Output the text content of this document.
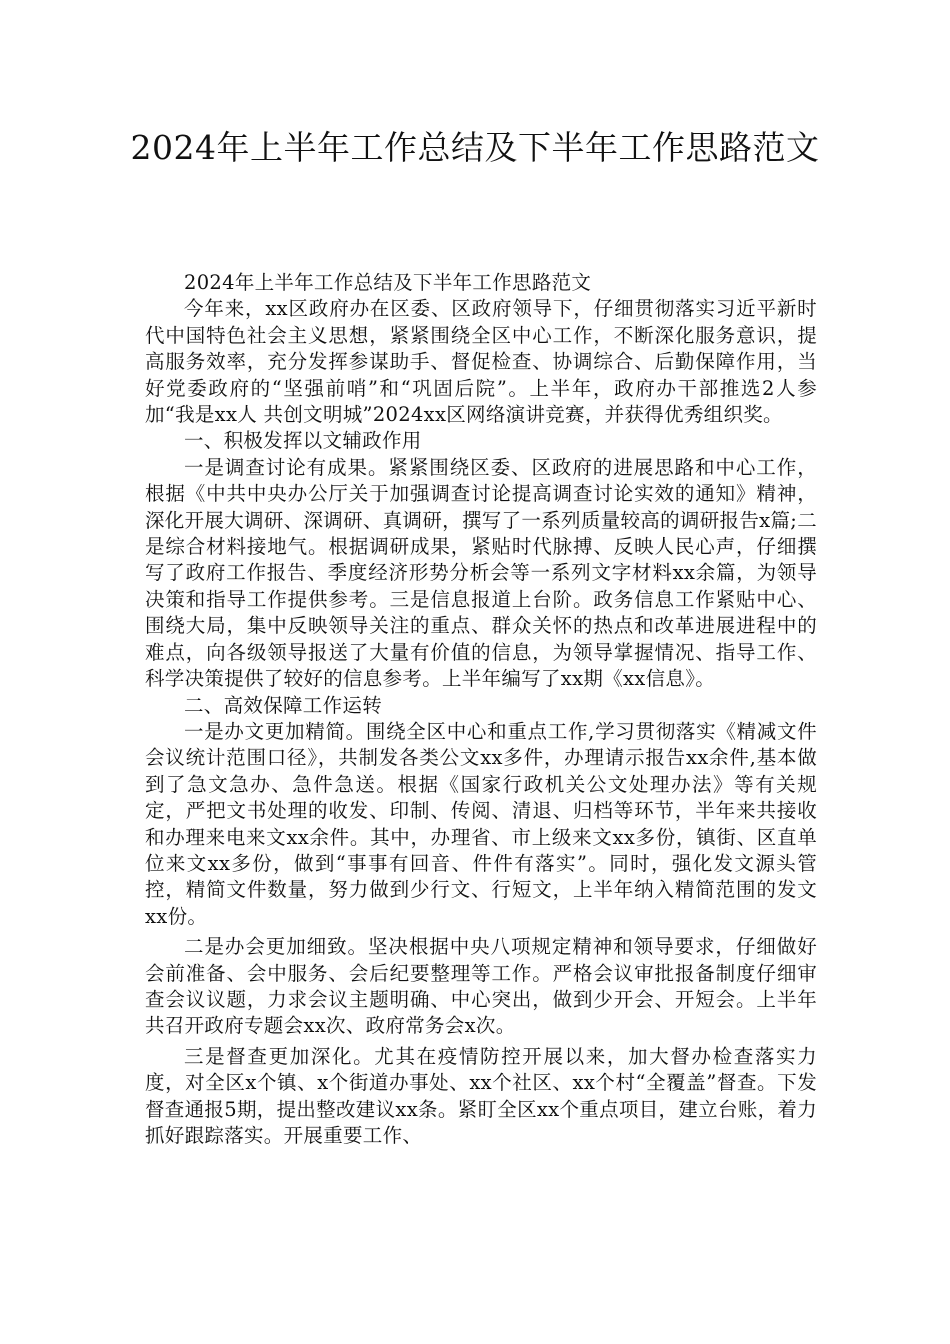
2024年上半年工作总结及下半年工作思路范文

2024年上半年工作总结及下半年工作思路范文

今年来，xx区政府办在区委、区政府领导下，仔细贯彻落实习近平新时代中国特色社会主义思想，紧紧围绕全区中心工作，不断深化服务意识，提高服务效率，充分发挥参谋助手、督促检查、协调综合、后勤保障作用，当好党委政府的“坚强前哨”和“巩固后院”。上半年，政府办干部推选2人参加“我是xx人 共创文明城”2024xx区网络演讲竞赛，并获得优秀组织奖。

一、积极发挥以文辅政作用

一是调查讨论有成果。紧紧围绕区委、区政府的进展思路和中心工作，根据《中共中央办公厅关于加强调查讨论提高调查讨论实效的通知》精神，深化开展大调研、深调研、真调研，撰写了一系列质量较高的调研报告x篇;二是综合材料接地气。根据调研成果，紧贴时代脉搏、反映人民心声，仔细撰写了政府工作报告、季度经济形势分析会等一系列文字材料xx余篇，为领导决策和指导工作提供参考。三是信息报道上台阶。政务信息工作紧贴中心、围绕大局，集中反映领导关注的重点、群众关怀的热点和改革进展进程中的难点，向各级领导报送了大量有价值的信息，为领导掌握情况、指导工作、科学决策提供了较好的信息参考。上半年编写了xx期《xx信息》。

二、高效保障工作运转

一是办文更加精简。围绕全区中心和重点工作,学习贯彻落实《精减文件会议统计范围口径》，共制发各类公文xx多件，办理请示报告xx余件,基本做到了急文急办、急件急送。根据《国家行政机关公文处理办法》等有关规定，严把文书处理的收发、印制、传阅、清退、归档等环节，半年来共接收和办理来电来文xx余件。其中，办理省、市上级来文xx多份，镇街、区直单位来文xx多份，做到“事事有回音、件件有落实”。同时，强化发文源头管控，精简文件数量，努力做到少行文、行短文，上半年纳入精简范围的发文xx份。

二是办会更加细致。坚决根据中央八项规定精神和领导要求，仔细做好会前准备、会中服务、会后纪要整理等工作。严格会议审批报备制度仔细审查会议议题，力求会议主题明确、中心突出，做到少开会、开短会。上半年共召开政府专题会xx次、政府常务会x次。

三是督查更加深化。尤其在疫情防控开展以来，加大督办检查落实力度，对全区x个镇、x个街道办事处、xx个社区、xx个村“全覆盖”督查。下发督查通报5期，提出整改建议xx条。紧盯全区xx个重点项目，建立台账，着力抓好跟踪落实。开展重要工作、
